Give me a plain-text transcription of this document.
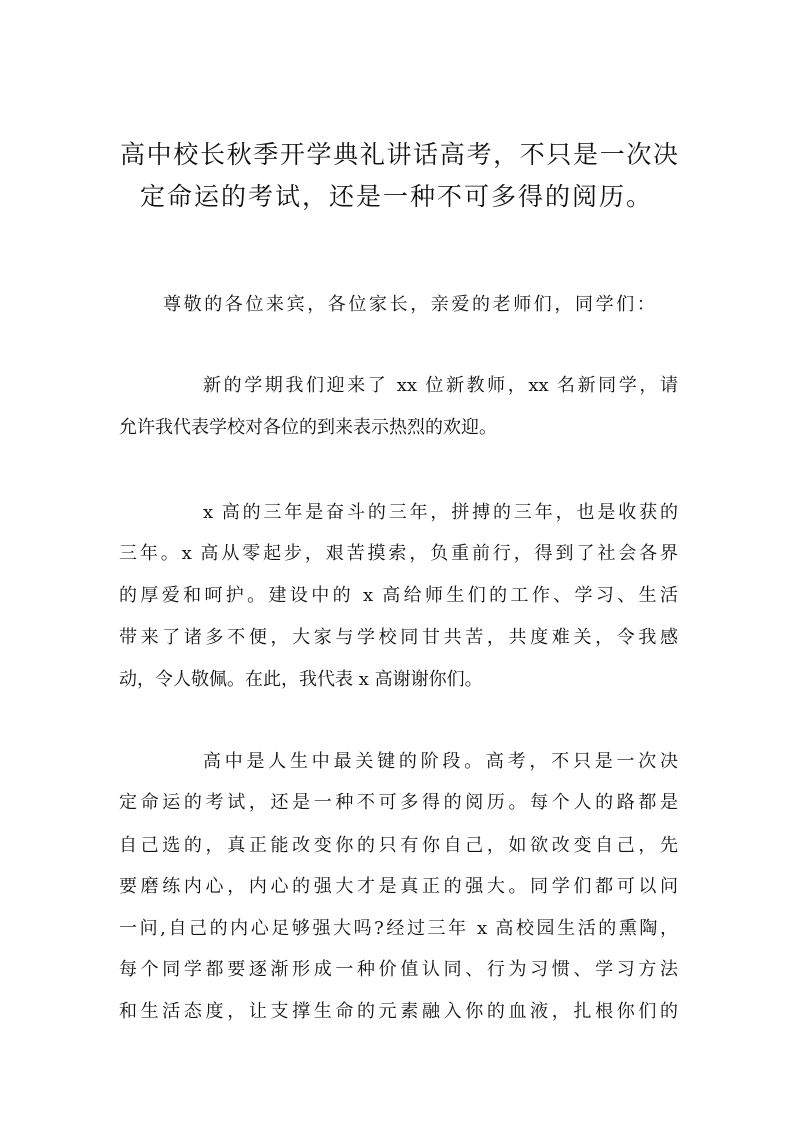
高中校长秋季开学典礼讲话高考，不只是一次决
定命运的考试，还是一种不可多得的阅历。
尊敬的各位来宾，各位家长，亲爱的老师们，同学们：
新的学期我们迎来了 xx 位新教师，xx 名新同学，请
允许我代表学校对各位的到来表示热烈的欢迎。
x 高的三年是奋斗的三年，拼搏的三年，也是收获的
三年。x 高从零起步，艰苦摸索，负重前行，得到了社会各界
的厚爱和呵护。建设中的 x 高给师生们的工作、学习、生活
带来了诸多不便，大家与学校同甘共苦，共度难关，令我感
动，令人敬佩。在此，我代表 x 高谢谢你们。
高中是人生中最关键的阶段。高考，不只是一次决
定命运的考试，还是一种不可多得的阅历。每个人的路都是
自己选的，真正能改变你的只有你自己，如欲改变自己，先
要磨练内心，内心的强大才是真正的强大。同学们都可以问
一问,自己的内心足够强大吗?经过三年 x 高校园生活的熏陶，
每个同学都要逐渐形成一种价值认同、行为习惯、学习方法
和生活态度，让支撑生命的元素融入你的血液，扎根你们的
